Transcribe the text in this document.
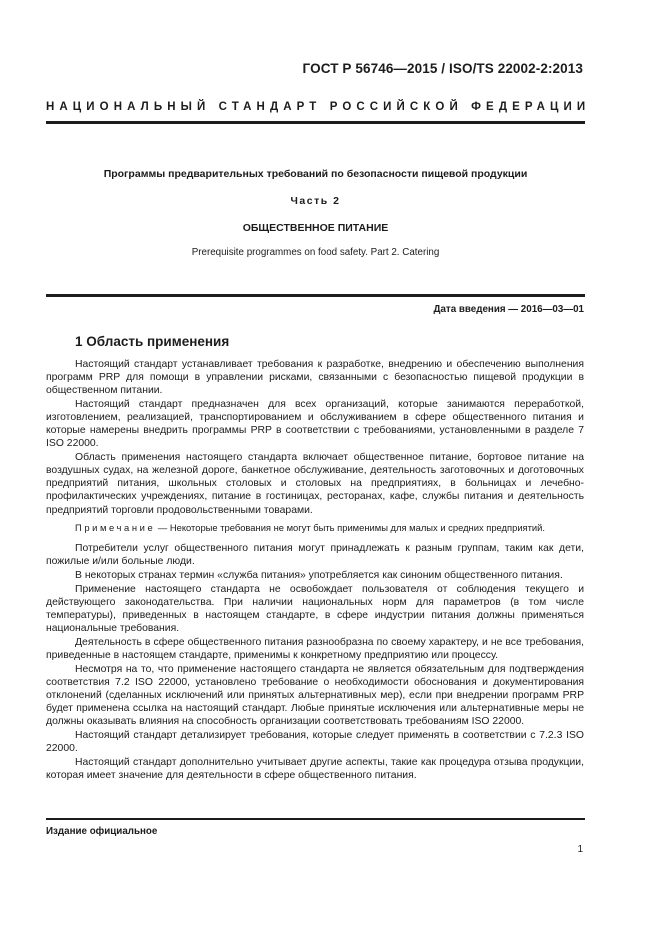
ГОСТ Р 56746—2015 / ISO/TS 22002-2:2013
НАЦИОНАЛЬНЫЙ СТАНДАРТ РОССИЙСКОЙ ФЕДЕРАЦИИ
Программы предварительных требований по безопасности пищевой продукции
Часть 2
ОБЩЕСТВЕННОЕ ПИТАНИЕ
Prerequisite programmes on food safety. Part 2. Catering
Дата введения — 2016—03—01
1 Область применения

Настоящий стандарт устанавливает требования к разработке, внедрению и обеспечению выполнения программ PRP для помощи в управлении рисками, связанными с безопасностью пищевой продукции в общественном питании.

Настоящий стандарт предназначен для всех организаций, которые занимаются переработкой, изготовлением, реализацией, транспортированием и обслуживанием в сфере общественного питания и которые намерены внедрить программы PRP в соответствии с требованиями, установленными в разделе 7 ISO 22000.

Область применения настоящего стандарта включает общественное питание, бортовое питание на воздушных судах, на железной дороге, банкетное обслуживание, деятельность заготовочных и доготовочных предприятий питания, школьных столовых и столовых на предприятиях, в больницах и лечебно-профилактических учреждениях, питание в гостиницах, ресторанах, кафе, службы питания и деятельность предприятий торговли продовольственными товарами.

Примечание — Некоторые требования не могут быть применимы для малых и средних предприятий.

Потребители услуг общественного питания могут принадлежать к разным группам, таким как дети, пожилые и/или больные люди.

В некоторых странах термин «служба питания» употребляется как синоним общественного питания.

Применение настоящего стандарта не освобождает пользователя от соблюдения текущего и действующего законодательства. При наличии национальных норм для параметров (в том числе температуры), приведенных в настоящем стандарте, в сфере индустрии питания должны применяться национальные требования.

Деятельность в сфере общественного питания разнообразна по своему характеру, и не все требования, приведенные в настоящем стандарте, применимы к конкретному предприятию или процессу.

Несмотря на то, что применение настоящего стандарта не является обязательным для подтверждения соответствия 7.2 ISO 22000, установлено требование о необходимости обоснования и документирования отклонений (сделанных исключений или принятых альтернативных мер), если при внедрении программ PRP будет применена ссылка на настоящий стандарт. Любые принятые исключения или альтернативные меры не должны оказывать влияния на способность организации соответствовать требованиям ISO 22000.

Настоящий стандарт детализирует требования, которые следует применять в соответствии с 7.2.3 ISO 22000.

Настоящий стандарт дополнительно учитывает другие аспекты, такие как процедура отзыва продукции, которая имеет значение для деятельности в сфере общественного питания.

Издание официальное
1
